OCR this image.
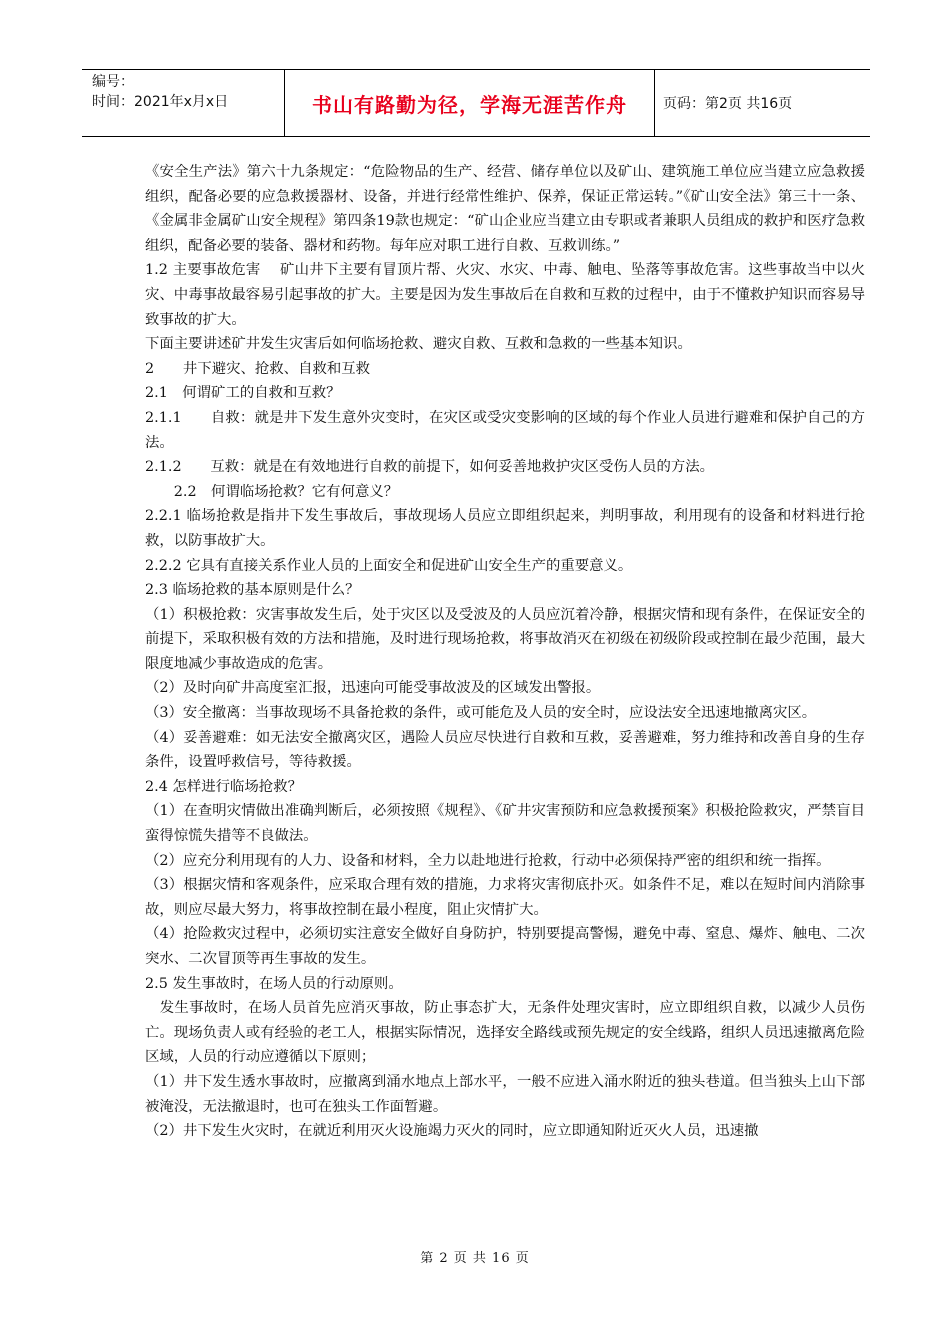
编号：
时间：2021年x月x日	书山有路勤为径，学海无涯苦作舟	页码：第2页 共16页

《安全生产法》第六十九条规定：“危险物品的生产、经营、储存单位以及矿山、建筑施工单位应当建立应急救援组织，配备必要的应急救援器材、设备，并进行经常性维护、保养，保证正常运转。”《矿山安全法》第三十一条、《金属非金属矿山安全规程》第四条19款也规定：“矿山企业应当建立由专职或者兼职人员组成的救护和医疗急救　　组织，配备必要的装备、器材和药物。每年应对职工进行自救、互救训练。”

1.2 主要事故危害　 矿山井下主要有冒顶片帮、火灾、水灾、中毒、触电、坠落等事故危害。这些事故当中以火灾、中毒事故最容易引起事故的扩大。主要是因为发生事故后在自救和互救的过程中，由于不懂救护知识而容易导致事故的扩大。

下面主要讲述矿井发生灾害后如何临场抢救、避灾自救、互救和急救的一些基本知识。

2　　井下避灾、抢救、自救和互救

2.1　何谓矿工的自救和互救？

2.1.1　　自救：就是井下发生意外灾变时，在灾区或受灾变影响的区域的每个作业人员进行避难和保护自己的方法。

2.1.2　　互救：就是在有效地进行自救的前提下，如何妥善地救护灾区受伤人员的方法。

　　2.2　何谓临场抢救？它有何意义？

2.2.1 临场抢救是指井下发生事故后，事故现场人员应立即组织起来，判明事故，利用现有的设备和材料进行抢救，以防事故扩大。

2.2.2 它具有直接关系作业人员的上面安全和促进矿山安全生产的重要意义。

2.3 临场抢救的基本原则是什么？

（1）积极抢救：灾害事故发生后，处于灾区以及受波及的人员应沉着冷静，根据灾情和现有条件，在保证安全的前提下，采取积极有效的方法和措施，及时进行现场抢救，将事故消灭在初级在初级阶段或控制在最少范围，最大限度地减少事故造成的危害。

（2）及时向矿井高度室汇报，迅速向可能受事故波及的区域发出警报。

（3）安全撤离：当事故现场不具备抢救的条件，或可能危及人员的安全时，应设法安全迅速地撤离灾区。

（4）妥善避难：如无法安全撤离灾区，遇险人员应尽快进行自救和互救，妥善避难，努力维持和改善自身的生存条件，设置呼救信号，等待救援。

2.4 怎样进行临场抢救？

（1）在查明灾情做出准确判断后，必须按照《规程》、《矿井灾害预防和应急救援预案》积极抢险救灾，严禁盲目蛮得惊慌失措等不良做法。

（2）应充分利用现有的人力、设备和材料，全力以赴地进行抢救，行动中必须保持严密的组织和统一指挥。

（3）根据灾情和客观条件，应采取合理有效的措施，力求将灾害彻底扑灭。如条件不足，难以在短时间内消除事故，则应尽最大努力，将事故控制在最小程度，阻止灾情扩大。

（4）抢险救灾过程中，必须切实注意安全做好自身防护，特别要提高警惕，避免中毒、窒息、爆炸、触电、二次突水、二次冒顶等再生事故的发生。

2.5 发生事故时，在场人员的行动原则。

　发生事故时，在场人员首先应消灭事故，防止事态扩大，无条件处理灾害时，应立即组织自救，以减少人员伤亡。现场负责人或有经验的老工人，根据实际情况，选择安全路线或预先规定的安全线路，组织人员迅速撤离危险区域，人员的行动应遵循以下原则；

（1）井下发生透水事故时，应撤离到涌水地点上部水平，一般不应进入涌水附近的独头巷道。但当独头上山下部被淹没，无法撤退时，也可在独头工作面暂避。

（2）井下发生火灾时，在就近利用灭火设施竭力灭火的同时，应立即通知附近灭火人员，迅速撤

第 2 页 共 16 页
